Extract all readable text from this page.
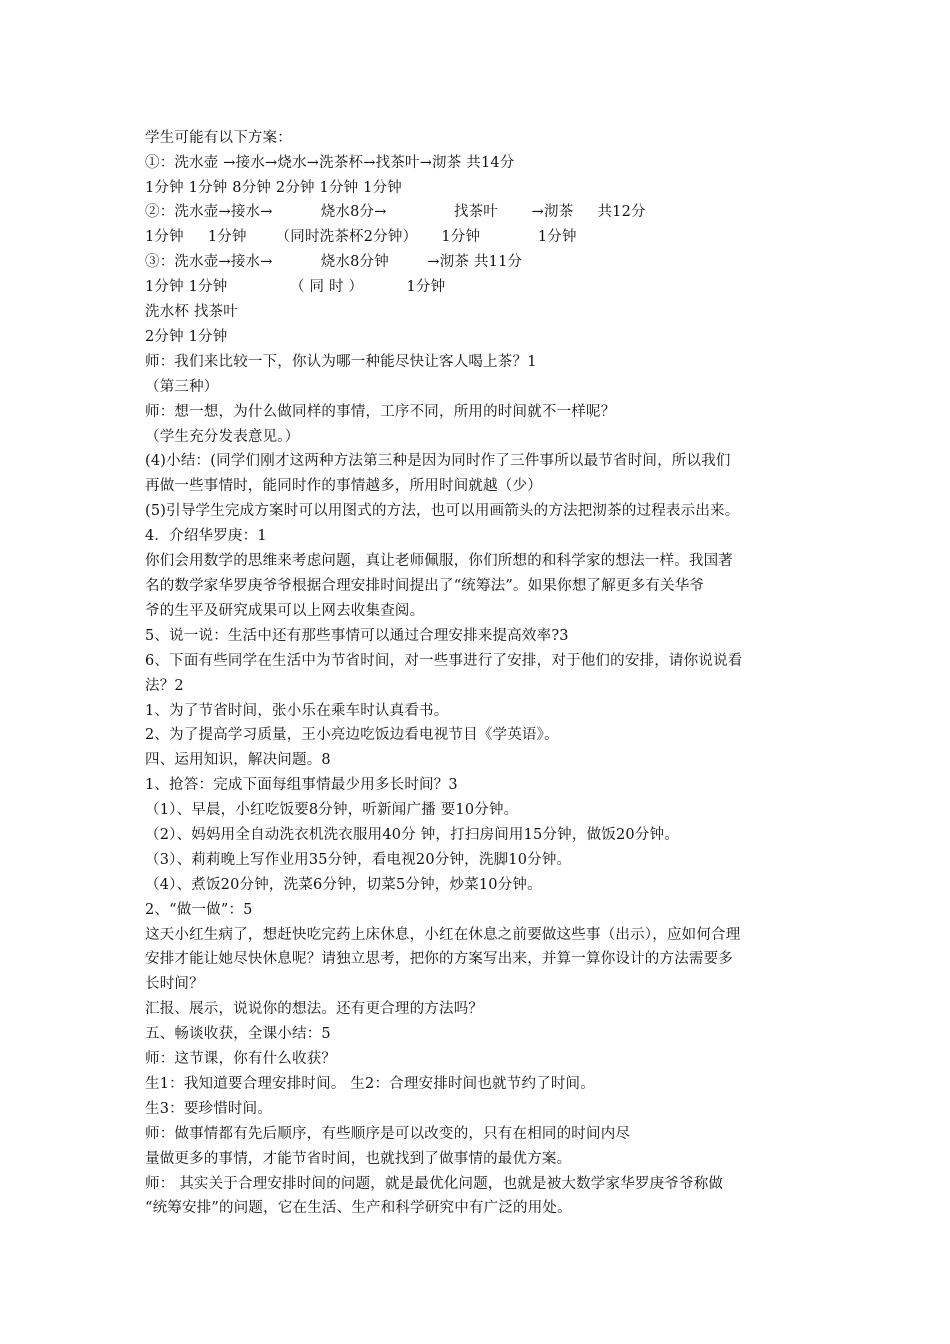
学生可能有以下方案：
①：洗水壶 →接水→烧水→洗茶杯→找茶叶→沏茶 共14分
1分钟 1分钟 8分钟 2分钟 1分钟 1分钟
②：洗水壶→接水→          烧水8分→              找茶叶       →沏茶     共12分
1分钟     1分钟      （同时洗茶杯2分钟）     1分钟            1分钟
③：洗水壶→接水→          烧水8分钟        →沏茶 共11分
1分钟 1分钟             （ 同 时 ）         1分钟
洗水杯 找茶叶
2分钟 1分钟
师：我们来比较一下，你认为哪一种能尽快让客人喝上茶？1
（第三种）
师：想一想，为什么做同样的事情，工序不同，所用的时间就不一样呢？
（学生充分发表意见。）
(4)小结：(同学们刚才这两种方法第三种是因为同时作了三件事所以最节省时间，所以我们
再做一些事情时，能同时作的事情越多，所用时间就越（少）
(5)引导学生完成方案时可以用图式的方法，也可以用画箭头的方法把沏茶的过程表示出来。
4．介绍华罗庚：1
你们会用数学的思维来考虑问题，真让老师佩服，你们所想的和科学家的想法一样。我国著
名的数学家华罗庚爷爷根据合理安排时间提出了“统筹法”。如果你想了解更多有关华爷
爷的生平及研究成果可以上网去收集查阅。
5、说一说：生活中还有那些事情可以通过合理安排来提高效率?3
6、下面有些同学在生活中为节省时间，对一些事进行了安排，对于他们的安排，请你说说看
法？2
1、为了节省时间，张小乐在乘车时认真看书。
2、为了提高学习质量，王小亮边吃饭边看电视节目《学英语》。
四、运用知识，解决问题。8
1、抢答：完成下面每组事情最少用多长时间？3
（1）、早晨，小红吃饭要8分钟，听新闻广播 要10分钟。
（2）、妈妈用全自动洗衣机洗衣服用40分 钟，打扫房间用15分钟，做饭20分钟。
（3）、莉莉晚上写作业用35分钟，看电视20分钟，洗脚10分钟。
（4）、煮饭20分钟，洗菜6分钟，切菜5分钟，炒菜10分钟。
2、“做一做”：5
这天小红生病了，想赶快吃完药上床休息，小红在休息之前要做这些事（出示），应如何合理
安排才能让她尽快休息呢？请独立思考，把你的方案写出来，并算一算你设计的方法需要多
长时间？
汇报、展示，说说你的想法。还有更合理的方法吗？
五、畅谈收获，全课小结：5
师：这节课，你有什么收获？
生1：我知道要合理安排时间。 生2：合理安排时间也就节约了时间。
生3：要珍惜时间。
师：做事情都有先后顺序，有些顺序是可以改变的，只有在相同的时间内尽
量做更多的事情，才能节省时间，也就找到了做事情的最优方案。
师： 其实关于合理安排时间的问题，就是最优化问题，也就是被大数学家华罗庚爷爷称做
“统筹安排”的问题，它在生活、生产和科学研究中有广泛的用处。
